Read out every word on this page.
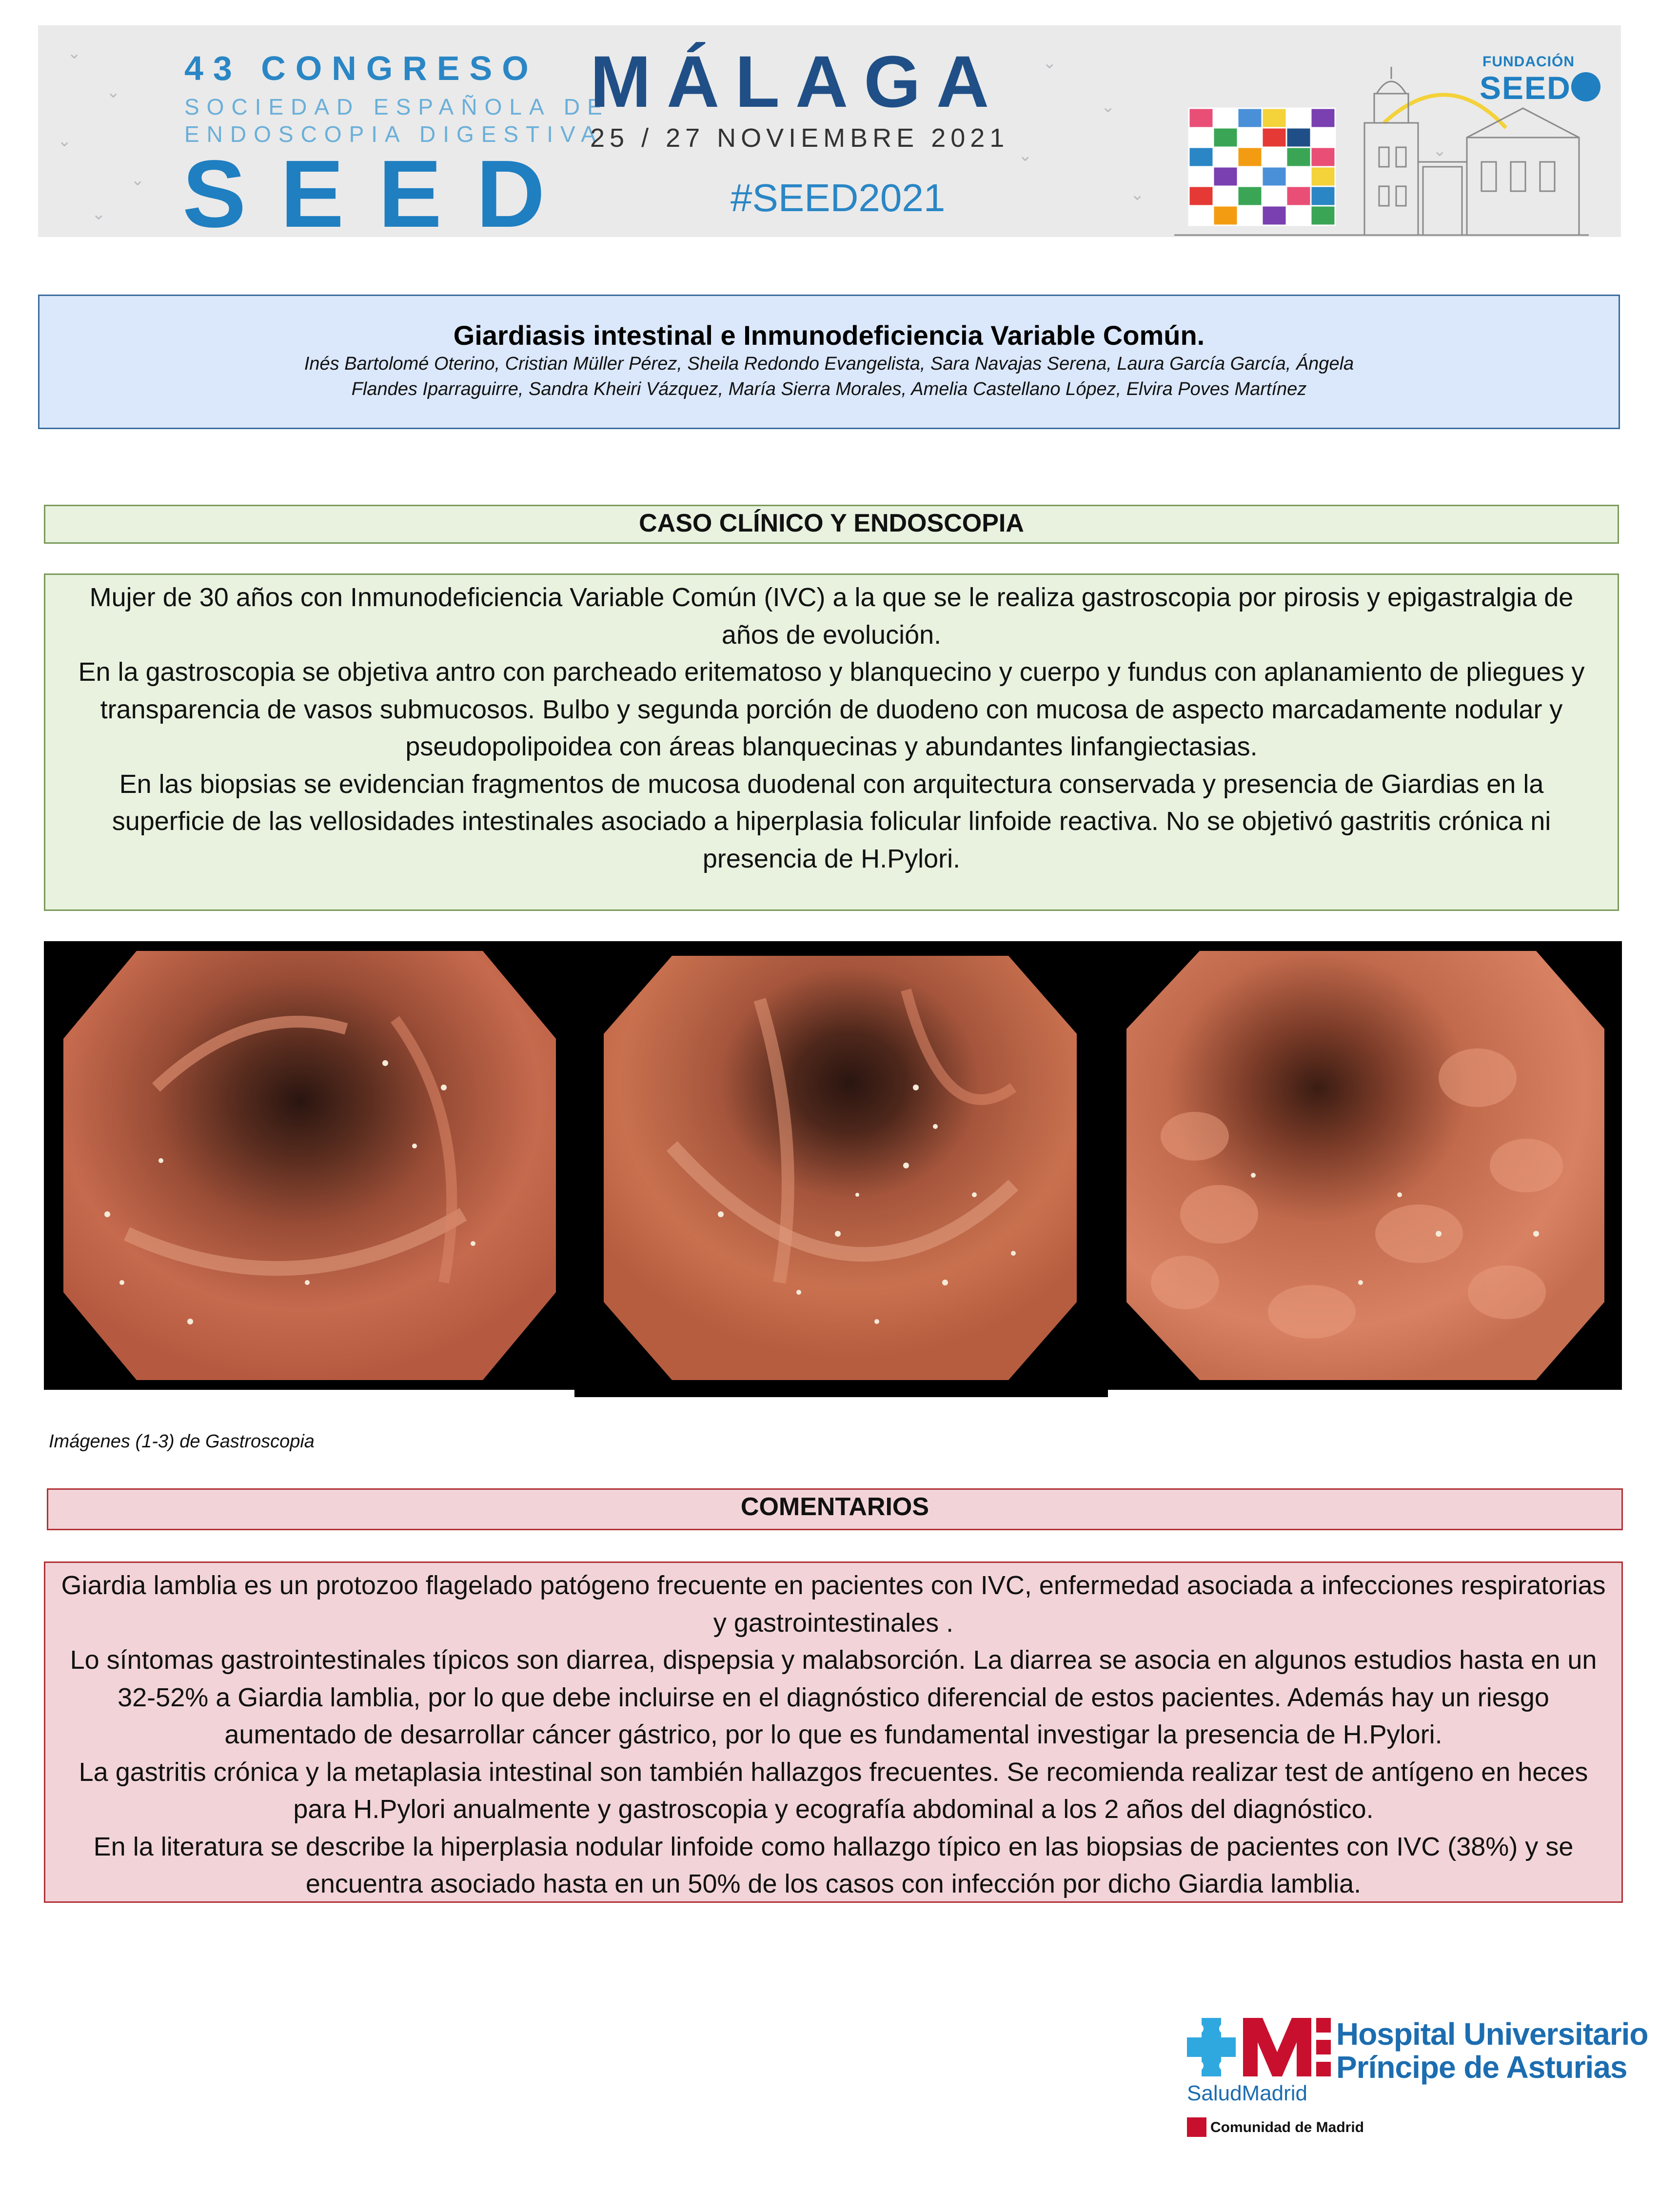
⌄
⌄
⌄
⌄
⌄
⌄
⌄
⌄
⌄
⌄
43 CONGRESO
SOCIEDAD ESPAÑOLA DE
ENDOSCOPIA DIGESTIVA
SEED
MÁLAGA
25 / 27 NOVIEMBRE 2021
#SEED2021
FUNDACIÓN
SEED
Giardiasis intestinal e Inmunodeficiencia Variable Común.
Inés Bartolomé Oterino, Cristian Müller Pérez, Sheila Redondo Evangelista, Sara Navajas Serena, Laura García García, Ángela
Flandes Iparraguirre, Sandra Kheiri Vázquez, María Sierra Morales, Amelia Castellano López, Elvira Poves Martínez
CASO CLÍNICO Y ENDOSCOPIA

Mujer de 30 años con Inmunodeficiencia Variable Común (IVC) a la que se le realiza gastroscopia por pirosis y epigastralgia de años de evolución.

En la gastroscopia se objetiva antro con parcheado eritematoso y blanquecino y cuerpo y fundus con aplanamiento de pliegues y transparencia de vasos submucosos. Bulbo y segunda porción de duodeno con mucosa de aspecto marcadamente nodular y pseudopolipoidea con áreas blanquecinas y abundantes linfangiectasias.

En las biopsias se evidencian fragmentos de mucosa duodenal con arquitectura conservada y presencia de Giardias en la superficie de las vellosidades intestinales asociado a hiperplasia folicular linfoide reactiva. No se objetivó gastritis crónica ni presencia de H.Pylori.

Imágenes (1-3) de Gastroscopia
COMENTARIOS

Giardia lamblia es un protozoo flagelado patógeno frecuente en pacientes con IVC, enfermedad asociada a infecciones respiratorias y gastrointestinales .

Lo síntomas gastrointestinales típicos son diarrea, dispepsia y malabsorción. La diarrea se asocia en algunos estudios hasta en un 32-52% a Giardia lamblia, por lo que debe incluirse en el diagnóstico diferencial de estos pacientes. Además hay un riesgo aumentado de desarrollar cáncer gástrico, por lo que es fundamental investigar la presencia de H.Pylori.

La gastritis crónica y la metaplasia intestinal son también hallazgos frecuentes. Se recomienda realizar test de antígeno en heces para H.Pylori anualmente y gastroscopia y ecografía abdominal a los 2 años del diagnóstico.

En la literatura se describe la hiperplasia nodular linfoide como hallazgo típico en las biopsias de pacientes con IVC (38%) y se encuentra asociado hasta en un 50% de los casos con infección por dicho Giardia lamblia.

Hospital Universitario
Príncipe de Asturias
SaludMadrid
Comunidad de Madrid
